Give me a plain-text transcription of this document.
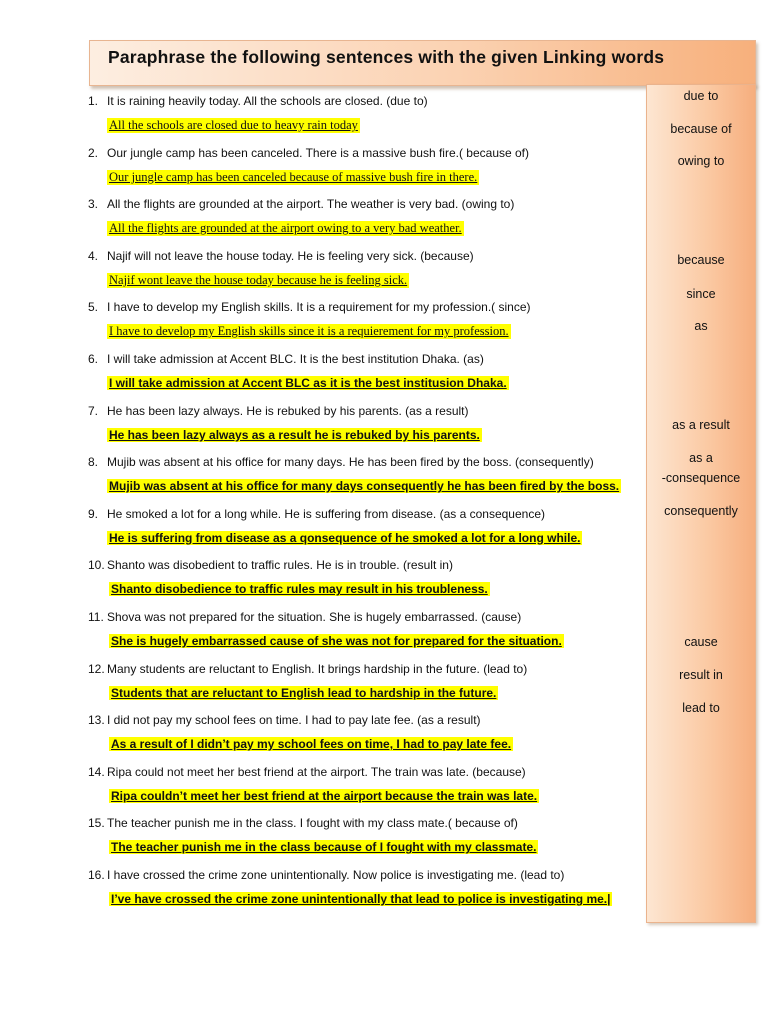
Paraphrase the following sentences with the given Linking words
due to
because of
owing to
because
since
as
as a result
as a
-consequence
consequently
cause
result in
lead to
1. It is raining heavily today. All the schools are closed. (due to)
All the schools are closed due to heavy rain today
2. Our jungle camp has been canceled. There is a massive bush fire.( because of)
Our jungle camp has been canceled because of massive bush fire in there.
3. All the flights are grounded at the airport. The weather is very bad. (owing to)
All the flights are grounded at the airport owing to a very bad weather.
4. Najif will not leave the house today. He is feeling very sick. (because)
Najif wont leave the house today because he is feeling sick.
5. I have to develop my English skills. It is a requirement for my profession.( since)
I have to develop my English skills since it is a requierement for my profession.
6. I will take admission at Accent BLC. It is the best institution Dhaka. (as)
I will take admission at Accent BLC as it is the best institusion Dhaka.
7. He has been lazy always. He is rebuked by his parents. (as a result)
He has been lazy always as a result he is rebuked by his parents.
8. Mujib was absent at his office for many days. He has been fired by the boss. (consequently)
Mujib was absent at his office for many days consequently he has been fired by the boss.
9. He smoked a lot for a long while. He is suffering from disease. (as a consequence)
He is suffering from disease as a qonsequence of he smoked a lot for a long while.
10. Shanto was disobedient to traffic rules. He is in trouble. (result in)
Shanto disobedience to traffic rules may result in his troubleness.
11. Shova was not prepared for the situation. She is hugely embarrassed. (cause)
She is hugely embarrassed cause of she was not for prepared for the situation.
12. Many students are reluctant to English. It brings hardship in the future. (lead to)
Students that are reluctant to English lead to hardship in the future.
13. I did not pay my school fees on time. I had to pay late fee. (as a result)
As a result of I didn’t pay my school fees on time, I had to pay late fee.
14. Ripa could not meet her best friend at the airport. The train was late. (because)
Ripa couldn’t meet her best friend at the airport because the train was late.
15. The teacher punish me in the class. I fought with my class mate.( because of)
The teacher punish me in the class because of I fought with my classmate.
16. I have crossed the crime zone unintentionally. Now police is investigating me. (lead to)
I’ve have crossed the crime zone unintentionally that lead to police is investigating me.|
